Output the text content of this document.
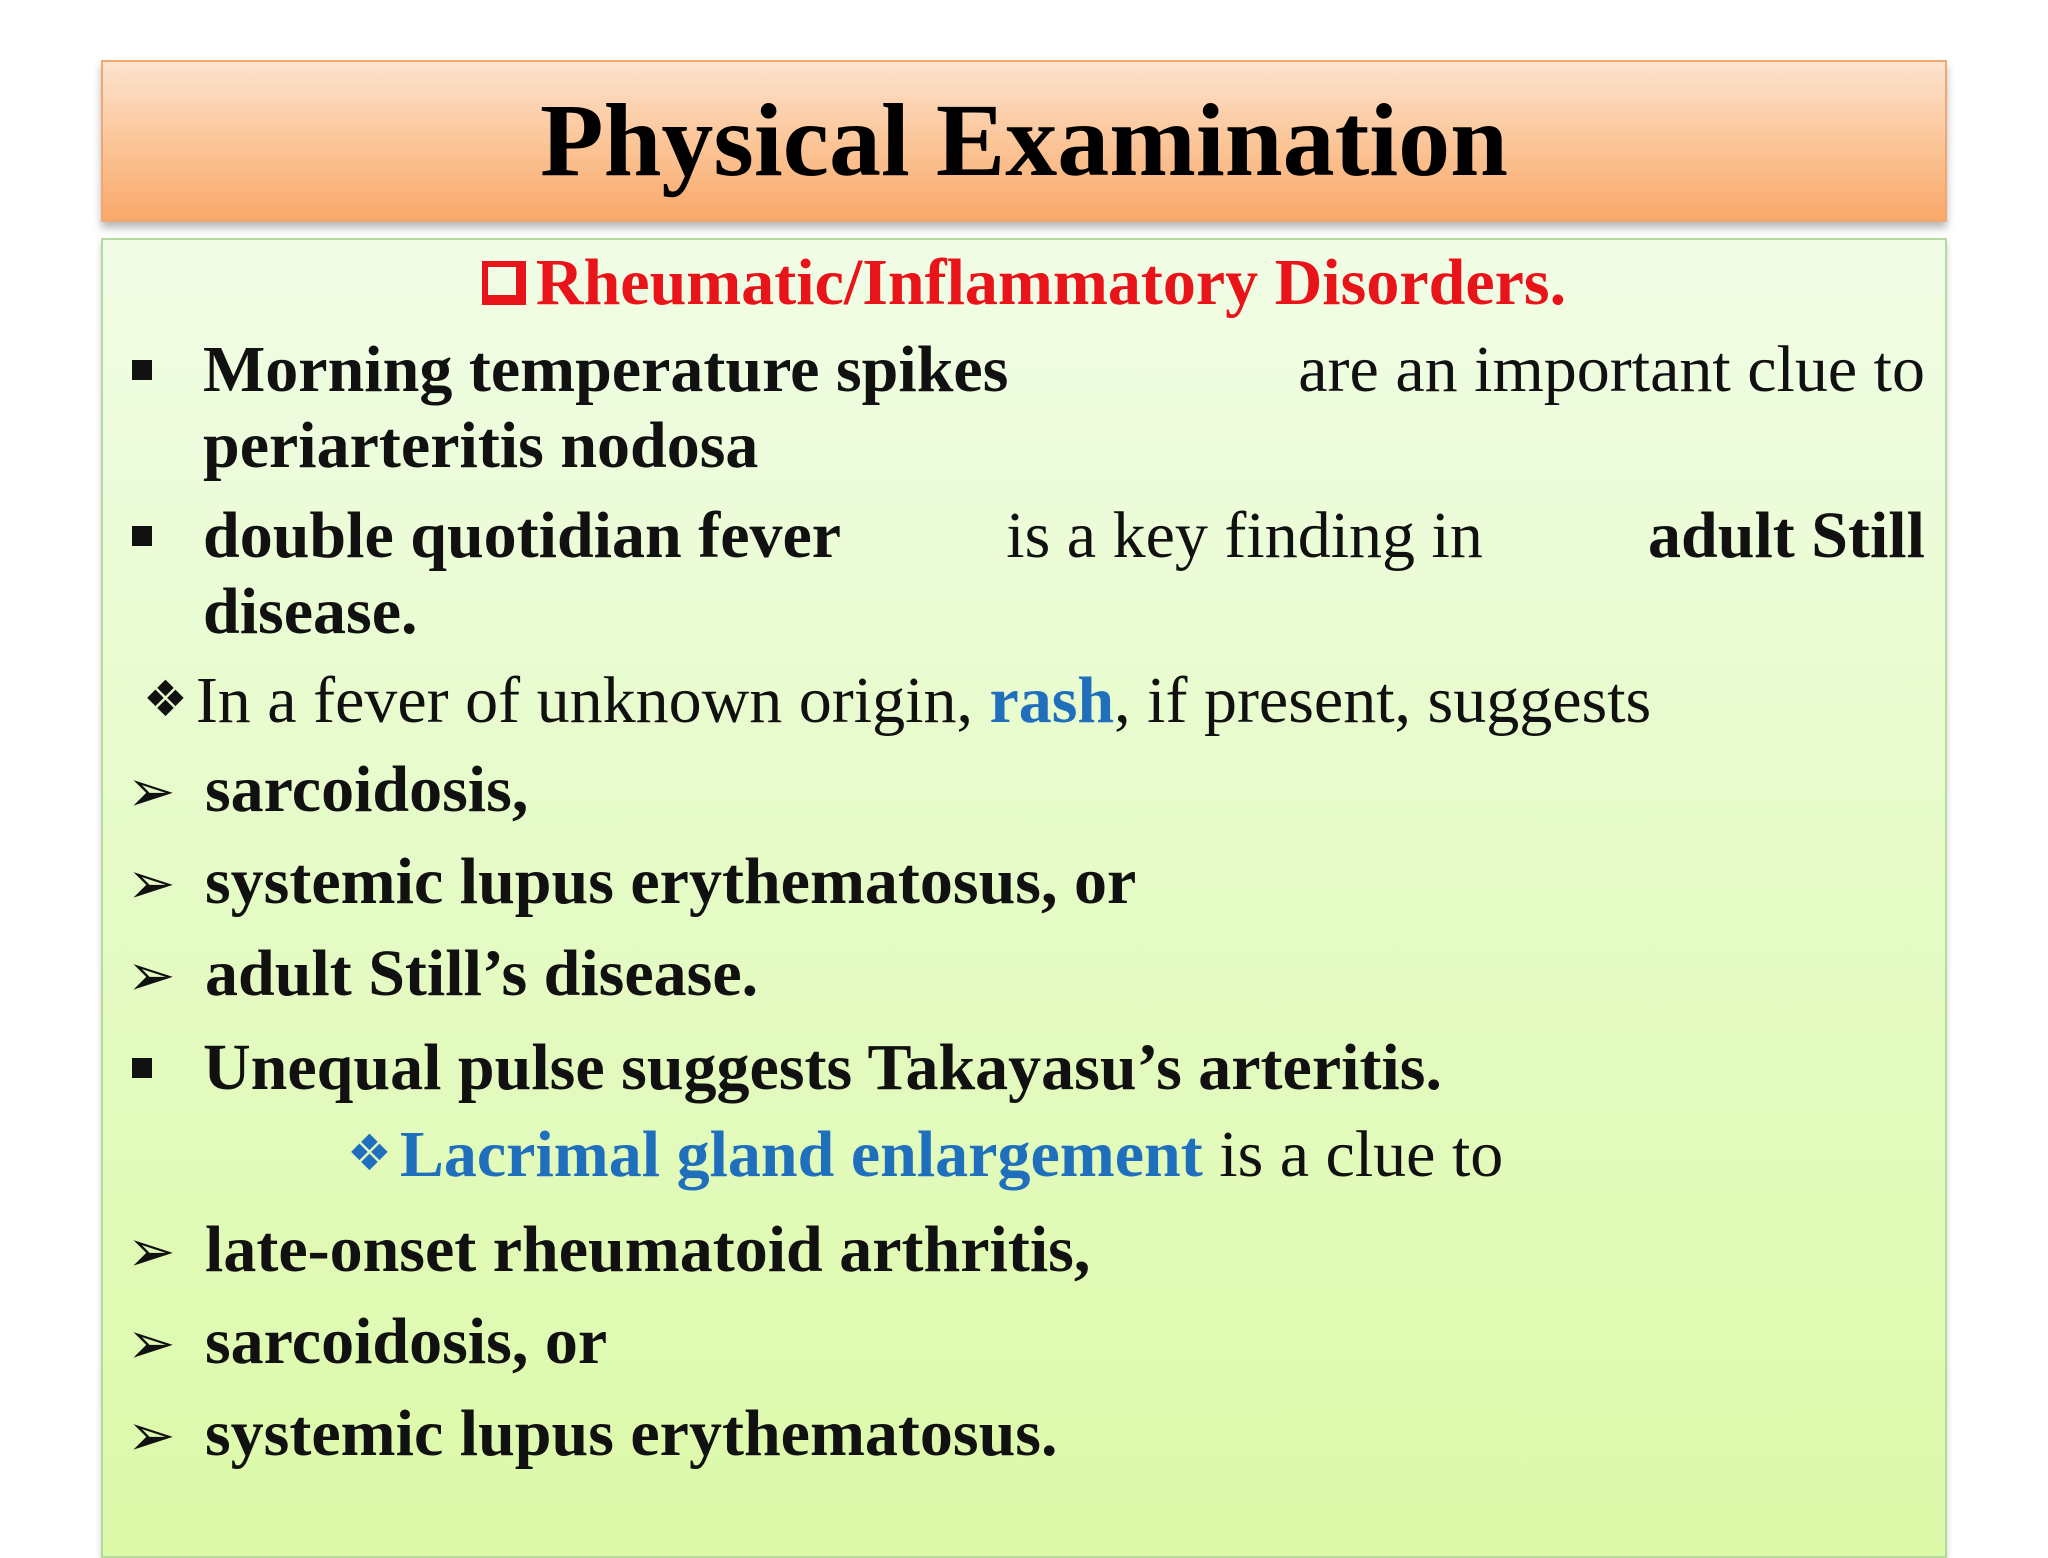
Physical Examination
Rheumatic/Inflammatory Disorders.
Morning temperature spikes	are an important clue to
periarteritis nodosa
double quotidian fever	is a key finding in	adult Still
disease.
❖ In a fever of unknown origin, rash, if present, suggests
➢ sarcoidosis,
➢ systemic lupus erythematosus, or
➢ adult Still’s disease.
Unequal pulse suggests Takayasu’s arteritis.
❖ Lacrimal gland enlargement is a clue to
➢ late-onset rheumatoid arthritis,
➢ sarcoidosis, or
➢ systemic lupus erythematosus.
